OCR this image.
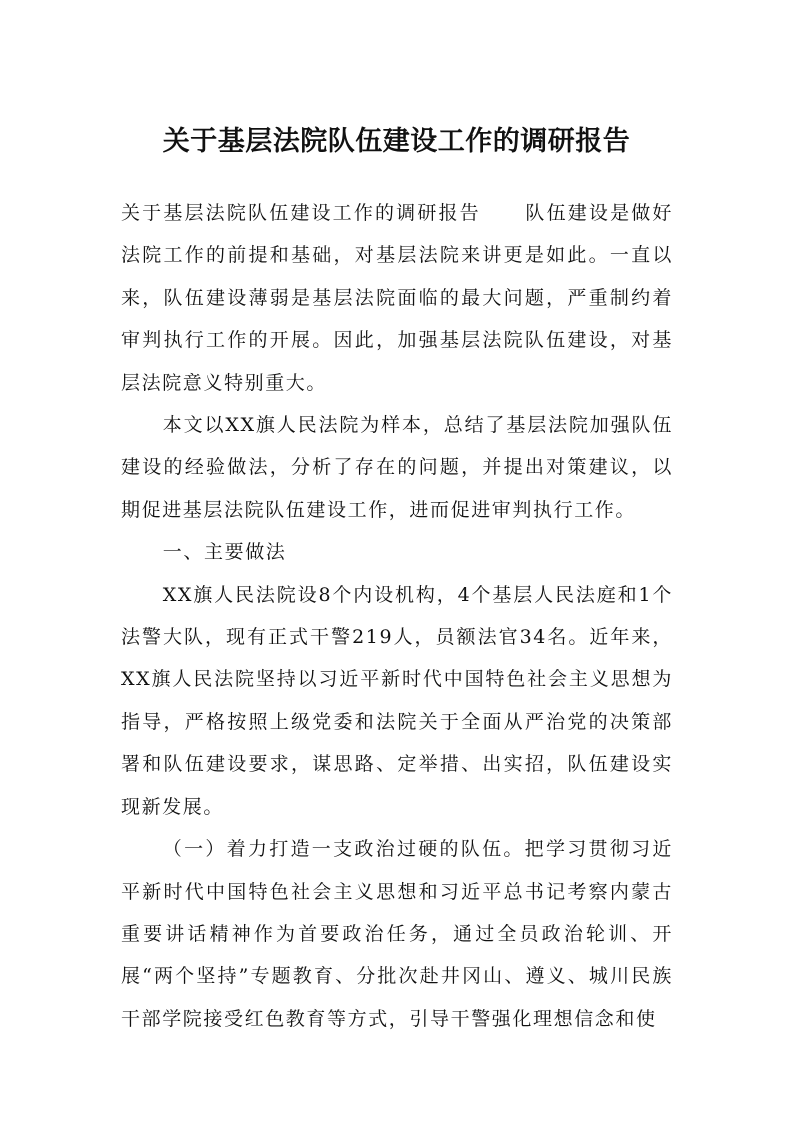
关于基层法院队伍建设工作的调研报告

关于基层法院队伍建设工作的调研报告 队伍建设是做好法院工作的前提和基础，对基层法院来讲更是如此。一直以来，队伍建设薄弱是基层法院面临的最大问题，严重制约着审判执行工作的开展。因此，加强基层法院队伍建设，对基层法院意义特别重大。

本文以XX旗人民法院为样本，总结了基层法院加强队伍建设的经验做法，分析了存在的问题，并提出对策建议，以期促进基层法院队伍建设工作，进而促进审判执行工作。

一、主要做法

XX旗人民法院设8个内设机构，4个基层人民法庭和1个法警大队，现有正式干警219人，员额法官34名。近年来，XX旗人民法院坚持以习近平新时代中国特色社会主义思想为指导，严格按照上级党委和法院关于全面从严治党的决策部署和队伍建设要求，谋思路、定举措、出实招，队伍建设实现新发展。

（一）着力打造一支政治过硬的队伍。把学习贯彻习近平新时代中国特色社会主义思想和习近平总书记考察内蒙古重要讲话精神作为首要政治任务，通过全员政治轮训、开展“两个坚持”专题教育、分批次赴井冈山、遵义、城川民族干部学院接受红色教育等方式，引导干警强化理想信念和使
